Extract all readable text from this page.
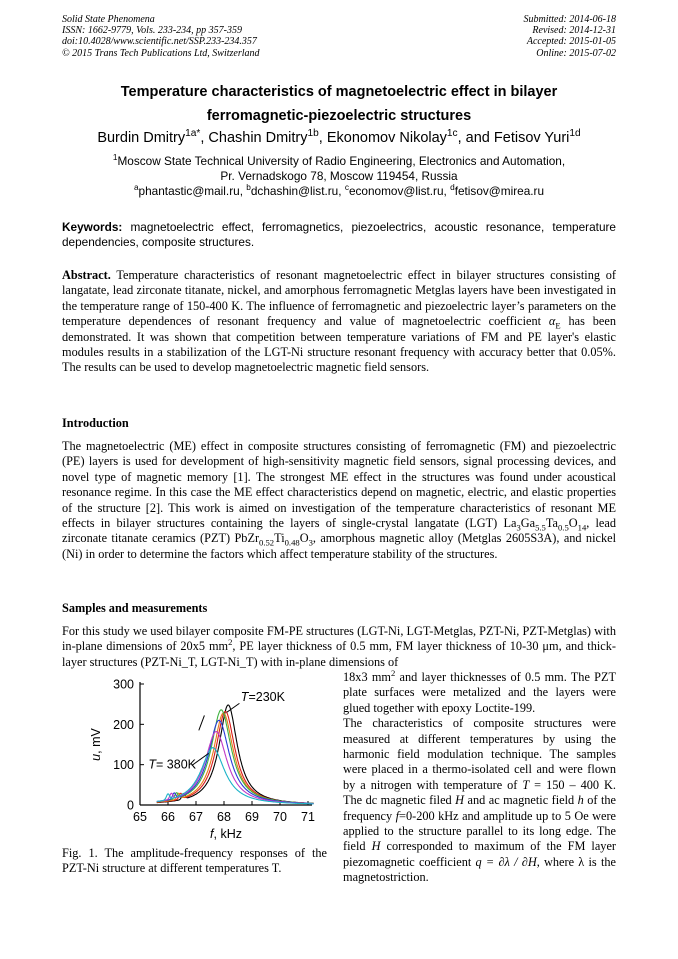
Solid State Phenomena
ISSN: 1662-9779, Vols. 233-234, pp 357-359
doi:10.4028/www.scientific.net/SSP.233-234.357
© 2015 Trans Tech Publications Ltd, Switzerland
Submitted: 2014-06-18
Revised: 2014-12-31
Accepted: 2015-01-05
Online: 2015-07-02
Temperature characteristics of magnetoelectric effect in bilayer
ferromagnetic-piezoelectric structures
Burdin Dmitry$^{1a*}$, Chashin Dmitry$^{1b}$, Ekonomov Nikolay$^{1c}$, and Fetisov Yuri$^{1d}$
$^1$Moscow State Technical University of Radio Engineering, Electronics and Automation,
Pr. Vernadskogo 78, Moscow 119454, Russia
$^a$phantastic@mail.ru, $^b$dchashin@list.ru, $^c$economov@list.ru, $^d$fetisov@mirea.ru
Keywords: magnetoelectric effect, ferromagnetics, piezoelectrics, acoustic resonance, temperature dependencies, composite structures.
Abstract. Temperature characteristics of resonant magnetoelectric effect in bilayer structures consisting of langatate, lead zirconate titanate, nickel, and amorphous ferromagnetic Metglas layers have been investigated in the temperature range of 150-400 K. The influence of ferromagnetic and piezoelectric layer’s parameters on the temperature dependences of resonant frequency and value of magnetoelectric coefficient $\alpha_E$ has been demonstrated. It was shown that competition between temperature variations of FM and PE layer's elastic modules results in a stabilization of the LGT-Ni structure resonant frequency with accuracy better that 0.05%. The results can be used to develop magnetoelectric magnetic field sensors.
Introduction
The magnetoelectric (ME) effect in composite structures consisting of ferromagnetic (FM) and piezoelectric (PE) layers is used for development of high-sensitivity magnetic field sensors, signal processing devices, and novel type of magnetic memory [1]. The strongest ME effect in the structures was found under acoustical resonance regime. In this case the ME effect characteristics depend on magnetic, electric, and elastic properties of the structure [2]. This work is aimed on investigation of the temperature characteristics of resonant ME effects in bilayer structures containing the layers of single-crystal langatate (LGT) $La_3Ga_{5.5}Ta_{0.5}O_{14}$, lead zirconate titanate ceramics (PZT) $PbZr_{0.52}Ti_{0.48}O_3$, amorphous magnetic alloy (Metglas 2605S3A), and nickel (Ni) in order to determine the factors which affect temperature stability of the structures.
Samples and measurements
For this study we used bilayer composite FM-PE structures (LGT-Ni, LGT-Metglas, PZT-Ni, PZT-Metglas) with in-plane dimensions of 20x5 $mm^2$, PE layer thickness of 0.5 mm, FM layer thickness of 10-30 μm, and thick-layer structures (PZT-Ni_T, LGT-Ni_T) with in-plane dimensions of
18x3 $mm^2$ and layer thicknesses of 0.5 mm. The PZT plate surfaces were metalized and the layers were glued together with epoxy Loctite-199.
The characteristics of composite structures were measured at different temperatures by using the harmonic field modulation technique. The samples were placed in a thermo-isolated cell and were flown by a nitrogen with temperature of T = 150 – 400 K. The dc magnetic filed H and ac magnetic field h of the frequency f=0-200 kHz and amplitude up to 5 Oe were applied to the structure parallel to its long edge. The field H corresponded to maximum of the FM layer piezomagnetic coefficient q = ∂λ / ∂H, where λ is the magnetostriction.
65 66 67 68 69 70 71
0
100
200
300
f, kHz
u, mV
T=230K
T= 380K
Fig. 1. The amplitude-frequency responses of the PZT-Ni structure at different temperatures T.
